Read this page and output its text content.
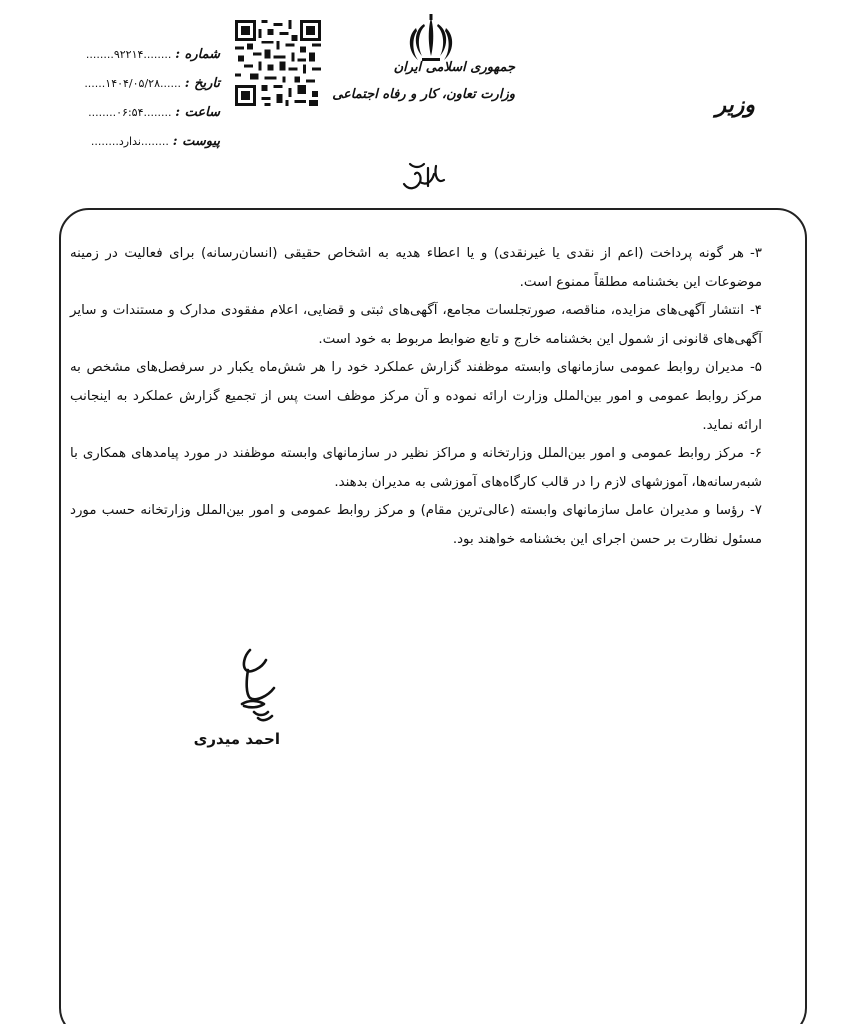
شماره : ........۹۲۲۱۴........
تاریخ : ......۱۴۰۴/۰۵/۲۸......
ساعت : ........۰۶:۵۴........
پیوست : ........ندارد........
جمهوری اسلامی ایران
وزارت تعاون، کار و رفاه اجتماعی	وزیر

۳-هر گونه پرداخت (اعم از نقدی یا غیرنقدی) و یا اعطاء هدیه به اشخاص حقیقی (انسان‌رسانه) برای فعالیت در زمینه موضوعات این بخشنامه مطلقاً ممنوع است.

۴-انتشار آگهی‌های مزایده، مناقصه، صورتجلسات مجامع، آگهی‌های ثبتی و قضایی، اعلام مفقودی مدارک و مستندات و سایر آگهی‌های قانونی از شمول این بخشنامه خارج و تابع ضوابط مربوط به خود است.

۵-مدیران روابط عمومی سازمانهای وابسته موظفند گزارش عملکرد خود را هر شش‌ماه یکبار در سرفصل‌های مشخص به مرکز روابط عمومی و امور بین‌الملل وزارت ارائه نموده و آن مرکز موظف است پس از تجمیع گزارش عملکرد به اینجانب ارائه نماید.

۶-مرکز روابط عمومی و امور بین‌الملل وزارتخانه و مراکز نظیر در سازمانهای وابسته موظفند در مورد پیامدهای همکاری با شبه‌رسانه‌ها، آموزشهای لازم را در قالب کارگاه‌های آموزشی به مدیران بدهند.

۷-رؤسا و مدیران عامل سازمانهای وابسته (عالی‌ترین مقام) و مرکز روابط عمومی و امور بین‌الملل وزارتخانه حسب مورد مسئول نظارت بر حسن اجرای این بخشنامه خواهند بود.

احمد میدری
